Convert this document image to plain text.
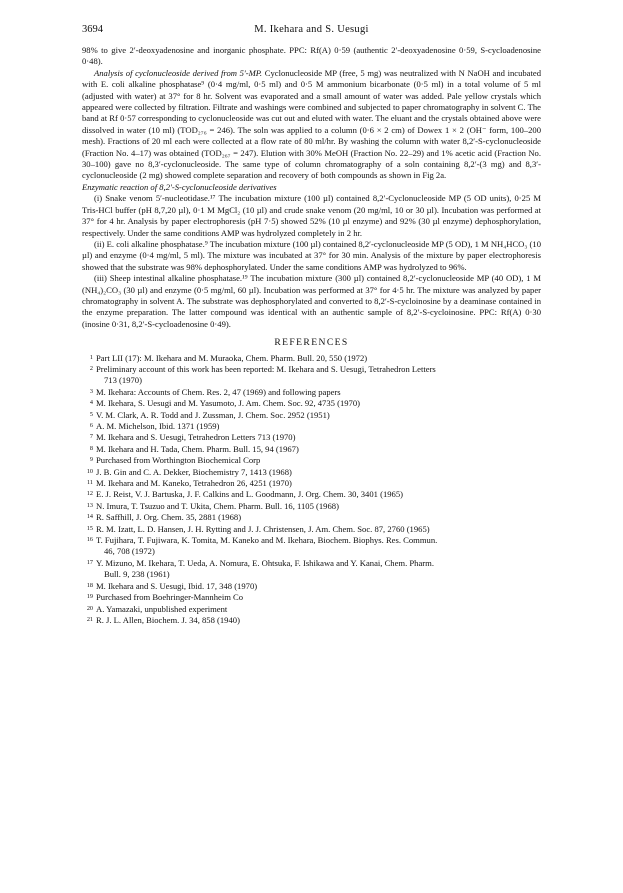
3694	M. Ikehara and S. Uesugi

98% to give 2′-deoxyadenosine and inorganic phosphate. PPC: Rf(A) 0·59 (authentic 2′-deoxyadenosine 0·59, S-cycloadenosine 0·48).

Analysis of cyclonucleoside derived from 5′-MP. Cyclonucleoside MP (free, 5 mg) was neutralized with N NaOH and incubated with E. coli alkaline phosphatase⁹ (0·4 mg/ml, 0·5 ml) and 0·5 M ammonium bicarbonate (0·5 ml) in a total volume of 5 ml (adjusted with water) at 37° for 8 hr. Solvent was evaporated and a small amount of water was added. Pale yellow crystals which appeared were collected by filtration. Filtrate and washings were combined and subjected to paper chromatography in solvent C. The band at Rf 0·57 corresponding to cyclonucleoside was cut out and eluted with water. The eluant and the crystals obtained above were dissolved in water (10 ml) (TOD₂₇₆ = 246). The soln was applied to a column (0·6 × 2 cm) of Dowex 1 × 2 (OH⁻ form, 100–200 mesh). Fractions of 20 ml each were collected at a flow rate of 80 ml/hr. By washing the column with water 8,2′-S-cyclonucleoside (Fraction No. 4–17) was obtained (TOD₂₆₇ = 247). Elution with 30% MeOH (Fraction No. 22–29) and 1% acetic acid (Fraction No. 30–100) gave no 8,3′-cyclonucleoside. The same type of column chromatography of a soln containing 8,2′-(3 mg) and 8,3′-cyclonucleoside (2 mg) showed complete separation and recovery of both compounds as shown in Fig 2a.

Enzymatic reaction of 8,2′-S-cyclonucleoside derivatives

(i) Snake venom 5′-nucleotidase.¹⁷ The incubation mixture (100 µl) contained 8,2′-Cyclonucleoside MP (5 OD units), 0·25 M Tris-HCl buffer (pH 8,7,20 µl), 0·1 M MgCl₂ (10 µl) and crude snake venom (20 mg/ml, 10 or 30 µl). Incubation was performed at 37° for 4 hr. Analysis by paper electrophoresis (pH 7·5) showed 52% (10 µl enzyme) and 92% (30 µl enzyme) dephosphorylation, respectively. Under the same conditions AMP was hydrolyzed completely in 2 hr.

(ii) E. coli alkaline phosphatase.⁹ The incubation mixture (100 µl) contained 8,2′-cyclonucleoside MP (5 OD), 1 M NH₄HCO₃ (10 µl) and enzyme (0·4 mg/ml, 5 ml). The mixture was incubated at 37° for 30 min. Analysis of the mixture by paper electrophoresis showed that the substrate was 98% dephosphorylated. Under the same conditions AMP was hydrolyzed to 96%.

(iii) Sheep intestinal alkaline phosphatase.¹⁹ The incubation mixture (300 µl) contained 8,2′-cyclonucleoside MP (40 OD), 1 M (NH₄)₂CO₃ (30 µl) and enzyme (0·5 mg/ml, 60 µl). Incubation was performed at 37° for 4·5 hr. The mixture was analyzed by paper chromatography in solvent A. The substrate was dephosphorylated and converted to 8,2′-S-cycloinosine by a deaminase contained in the enzyme preparation. The latter compound was identical with an authentic sample of 8,2′-S-cycloinosine. PPC: Rf(A) 0·30 (inosine 0·31, 8,2′-S-cycloadenosine 0·49).

REFERENCES
1 Part LII (17): M. Ikehara and M. Muraoka, Chem. Pharm. Bull. 20, 550 (1972)
2 Preliminary account of this work has been reported: M. Ikehara and S. Uesugi, Tetrahedron Letters
713 (1970)
3 M. Ikehara: Accounts of Chem. Res. 2, 47 (1969) and following papers
4 M. Ikehara, S. Uesugi and M. Yasumoto, J. Am. Chem. Soc. 92, 4735 (1970)
5 V. M. Clark, A. R. Todd and J. Zussman, J. Chem. Soc. 2952 (1951)
6 A. M. Michelson, Ibid. 1371 (1959)
7 M. Ikehara and S. Uesugi, Tetrahedron Letters 713 (1970)
8 M. Ikehara and H. Tada, Chem. Pharm. Bull. 15, 94 (1967)
9 Purchased from Worthington Biochemical Corp
10 J. B. Gin and C. A. Dekker, Biochemistry 7, 1413 (1968)
11 M. Ikehara and M. Kaneko, Tetrahedron 26, 4251 (1970)
12 E. J. Reist, V. J. Bartuska, J. F. Calkins and L. Goodmann, J. Org. Chem. 30, 3401 (1965)
13 N. Imura, T. Tsuzuo and T. Ukita, Chem. Pharm. Bull. 16, 1105 (1968)
14 R. Saffhill, J. Org. Chem. 35, 2881 (1968)
15 R. M. Izatt, L. D. Hansen, J. H. Rytting and J. J. Christensen, J. Am. Chem. Soc. 87, 2760 (1965)
16 T. Fujihara, T. Fujiwara, K. Tomita, M. Kaneko and M. Ikehara, Biochem. Biophys. Res. Commun.
46, 708 (1972)
17 Y. Mizuno, M. Ikehara, T. Ueda, A. Nomura, E. Ohtsuka, F. Ishikawa and Y. Kanai, Chem. Pharm.
Bull. 9, 238 (1961)
18 M. Ikehara and S. Uesugi, Ibid. 17, 348 (1970)
19 Purchased from Boehringer-Mannheim Co
20 A. Yamazaki, unpublished experiment
21 R. J. L. Allen, Biochem. J. 34, 858 (1940)
